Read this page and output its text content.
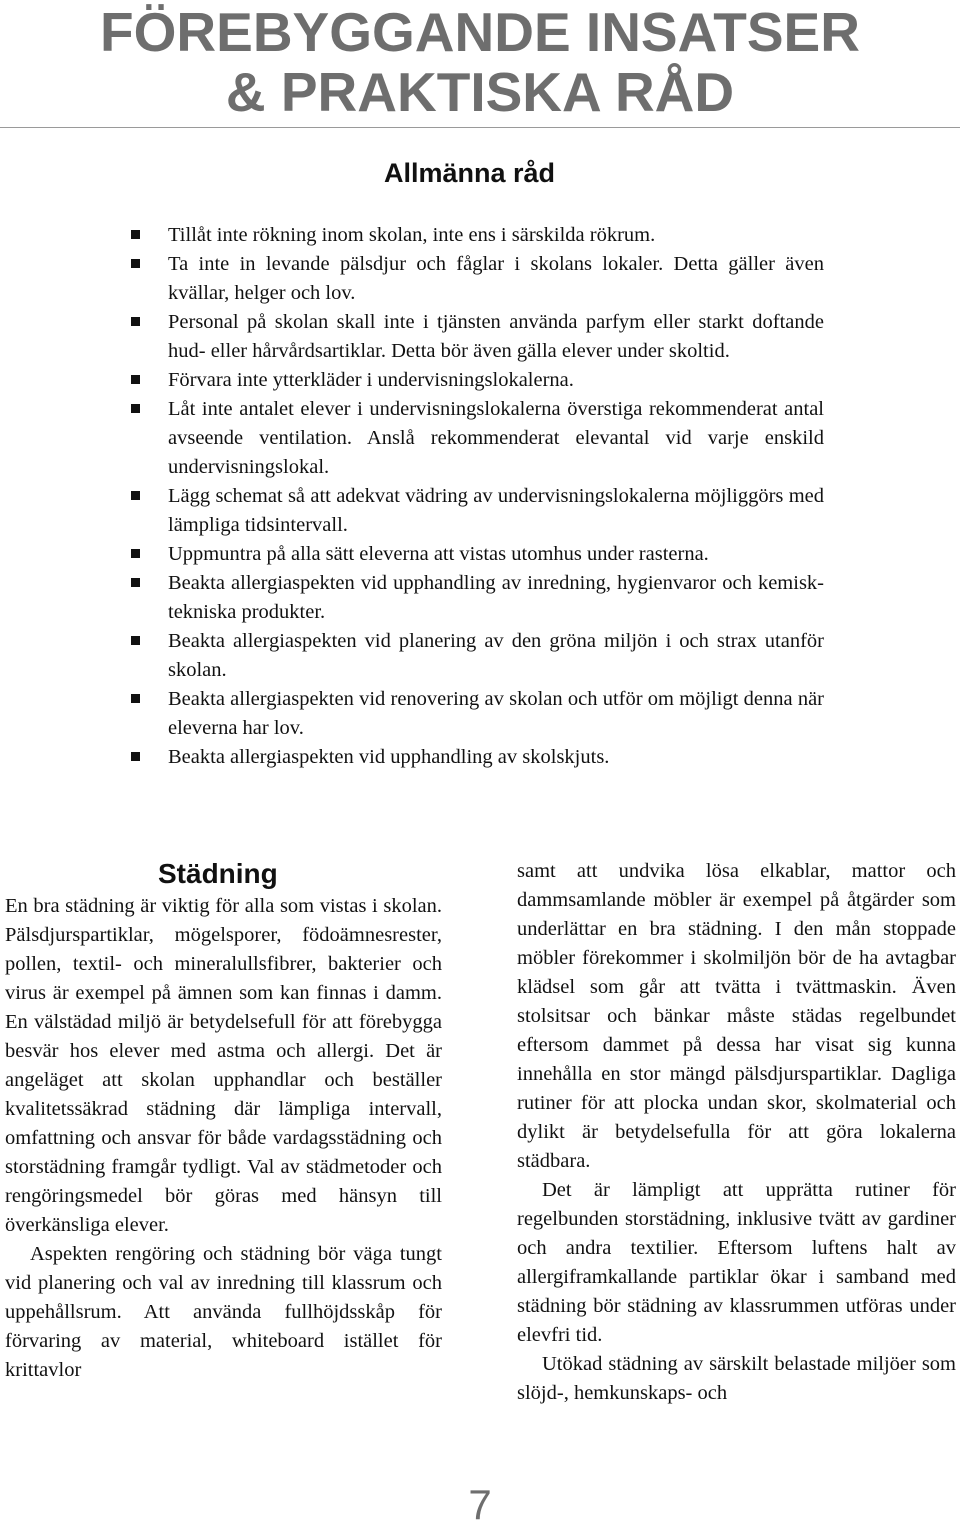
FÖREBYGGANDE INSATSER
& PRAKTISKA RÅD
Allmänna råd
Tillåt inte rökning inom skolan, inte ens i särskilda rökrum.
Ta inte in levande pälsdjur och fåglar i skolans lokaler. Detta gäller även kvällar, helger och lov.
Personal på skolan skall inte i tjänsten använda parfym eller starkt doftande hud- eller hårvårdsartiklar. Detta bör även gälla elever under skoltid.
Förvara inte ytterkläder i undervisningslokalerna.
Låt inte antalet elever i undervisningslokalerna överstiga rekommenderat antal avseende ventilation. Anslå rekommenderat elevantal vid varje enskild undervisningslokal.
Lägg schemat så att adekvat vädring av undervisningslokalerna möjliggörs med lämpliga tidsintervall.
Uppmuntra på alla sätt eleverna att vistas utomhus under rasterna.
Beakta allergiaspekten vid upphandling av inredning, hygienvaror och kemisk-tekniska produkter.
Beakta allergiaspekten vid planering av den gröna miljön i och strax utanför skolan.
Beakta allergiaspekten vid renovering av skolan och utför om möjligt denna när eleverna har lov.
Beakta allergiaspekten vid upphandling av skolskjuts.
Städning

En bra städning är viktig för alla som vistas i skolan. Pälsdjurspartiklar, mögelsporer, födoämnesrester, pollen, textil- och mineralullsfibrer, bakterier och virus är exempel på ämnen som kan finnas i damm. En välstädad miljö är betydelsefull för att förebygga besvär hos elever med astma och allergi. Det är angeläget att skolan upphandlar och beställer kvalitetssäkrad städning där lämpliga intervall, omfattning och ansvar för både vardagsstädning och storstädning framgår tydligt. Val av städmetoder och rengöringsmedel bör göras med hänsyn till överkänsliga elever.

Aspekten rengöring och städning bör väga tungt vid planering och val av inredning till klassrum och uppehållsrum. Att använda fullhöjdsskåp för förvaring av material, whiteboard istället för krittavlor

samt att undvika lösa elkablar, mattor och dammsamlande möbler är exempel på åtgärder som underlättar en bra städning. I den mån stoppade möbler förekommer i skolmiljön bör de ha avtagbar klädsel som går att tvätta i tvättmaskin. Även stolsitsar och bänkar måste städas regelbundet eftersom dammet på dessa har visat sig kunna innehålla en stor mängd pälsdjurspartiklar. Dagliga rutiner för att plocka undan skor, skolmaterial och dylikt är betydelsefulla för att göra lokalerna städbara.

Det är lämpligt att upprätta rutiner för regelbunden storstädning, inklusive tvätt av gardiner och andra textilier. Eftersom luftens halt av allergiframkallande partiklar ökar i samband med städning bör städning av klassrummen utföras under elevfri tid.

Utökad städning av särskilt belastade miljöer som slöjd-, hemkunskaps- och

7
